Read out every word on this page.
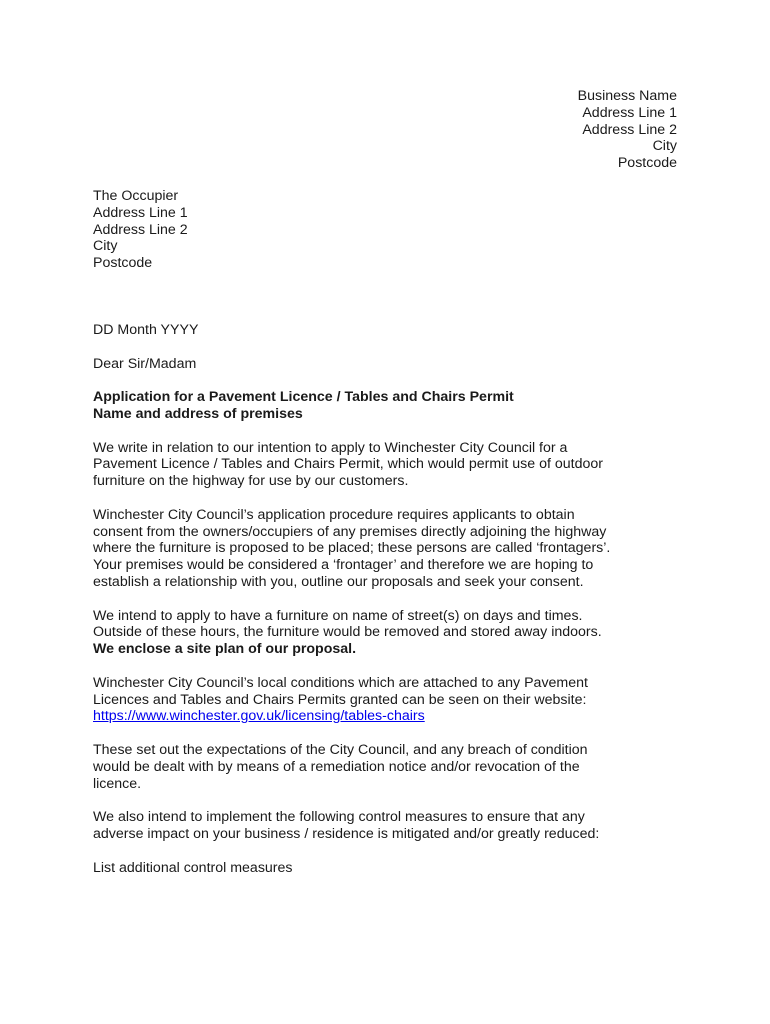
Business Name
Address Line 1
Address Line 2
City
Postcode
The Occupier
Address Line 1
Address Line 2
City
Postcode

DD Month YYYY

Dear Sir/Madam

Application for a Pavement Licence / Tables and Chairs Permit
Name and address of premises

We write in relation to our intention to apply to Winchester City Council for a
Pavement Licence / Tables and Chairs Permit, which would permit use of outdoor
furniture on the highway for use by our customers.

Winchester City Council’s application procedure requires applicants to obtain
consent from the owners/occupiers of any premises directly adjoining the highway
where the furniture is proposed to be placed; these persons are called ‘frontagers’.
Your premises would be considered a ‘frontager’ and therefore we are hoping to
establish a relationship with you, outline our proposals and seek your consent.

We intend to apply to have a furniture on name of street(s) on days and times.
Outside of these hours, the furniture would be removed and stored away indoors.
We enclose a site plan of our proposal.

Winchester City Council’s local conditions which are attached to any Pavement
Licences and Tables and Chairs Permits granted can be seen on their website:
https://www.winchester.gov.uk/licensing/tables-chairs

These set out the expectations of the City Council, and any breach of condition
would be dealt with by means of a remediation notice and/or revocation of the
licence.

We also intend to implement the following control measures to ensure that any
adverse impact on your business / residence is mitigated and/or greatly reduced:

List additional control measures
